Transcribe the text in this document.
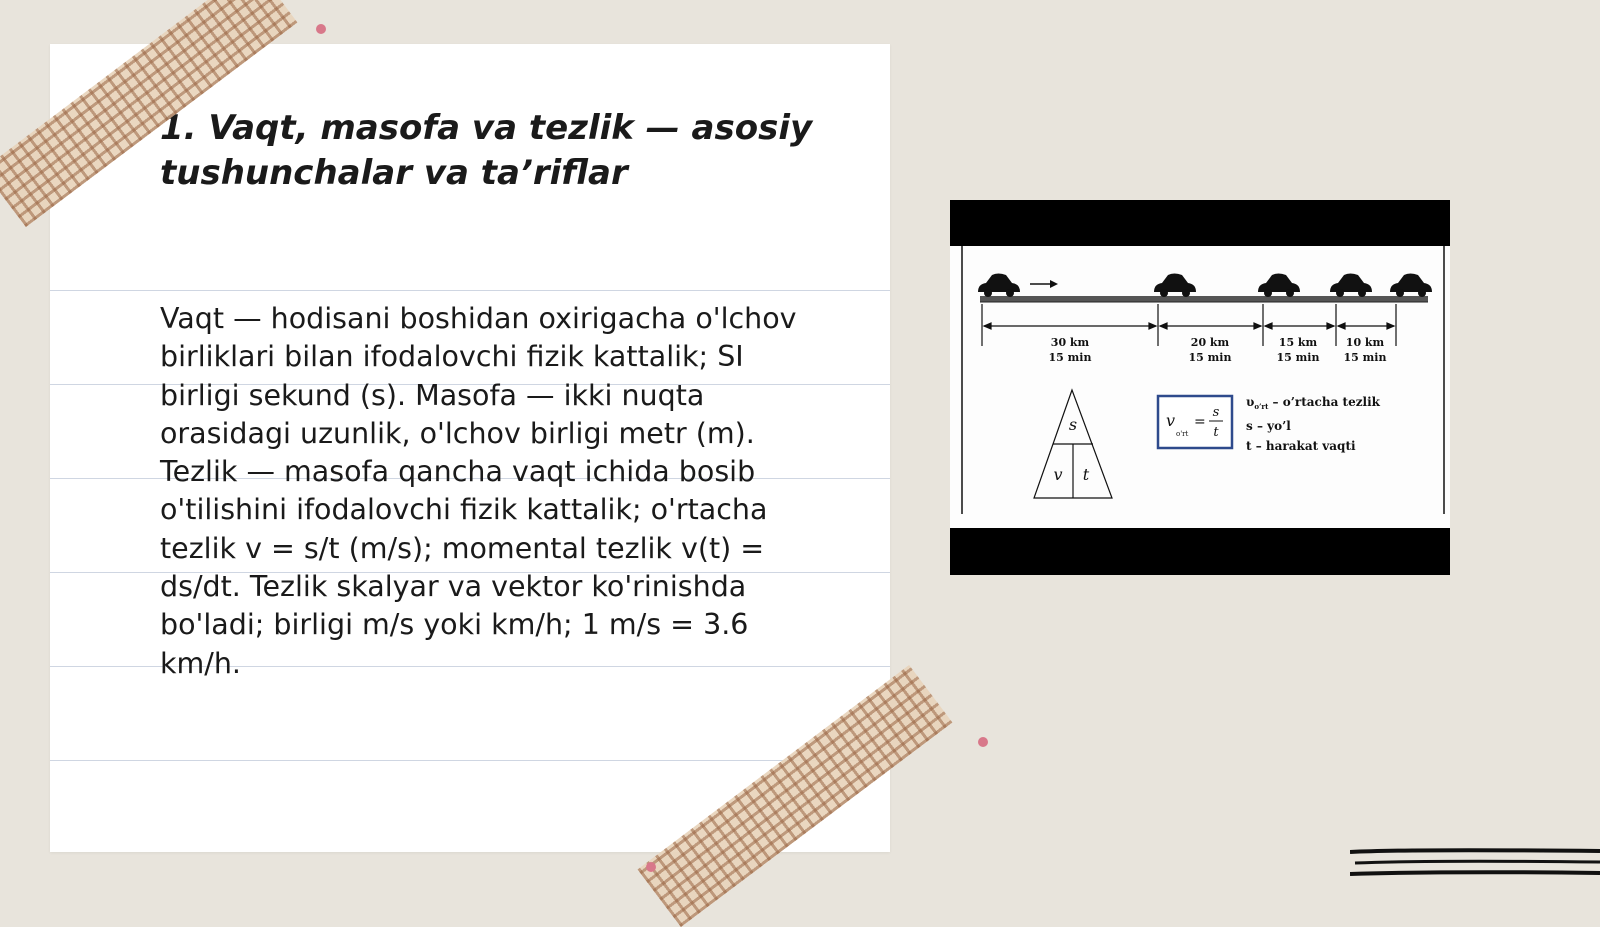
1. Vaqt, masofa va tezlik — asosiy
tushunchalar va ta’riflar

Vaqt — hodisani boshidan oxirigacha o'lchov
birliklari bilan ifodalovchi fizik kattalik; SI
birligi sekund (s). Masofa — ikki nuqta
orasidagi uzunlik, o'lchov birligi metr (m).
Tezlik — masofa qancha vaqt ichida bosib
o'tilishini ifodalovchi fizik kattalik; o'rtacha
tezlik v = s/t (m/s); momental tezlik v(t) =
ds/dt. Tezlik skalyar va vektor ko'rinishda
bo'ladi; birligi m/s yoki km/h; 1 m/s = 3.6
km/h.

30 km
15 min
20 km
15 min
15 km
15 min
10 km
15 min
s
v t
v
o'rt
=
s
t
$\upsilon_{o’rt}$ – o’rtacha tezlik
s – yo’l
t – harakat vaqti
